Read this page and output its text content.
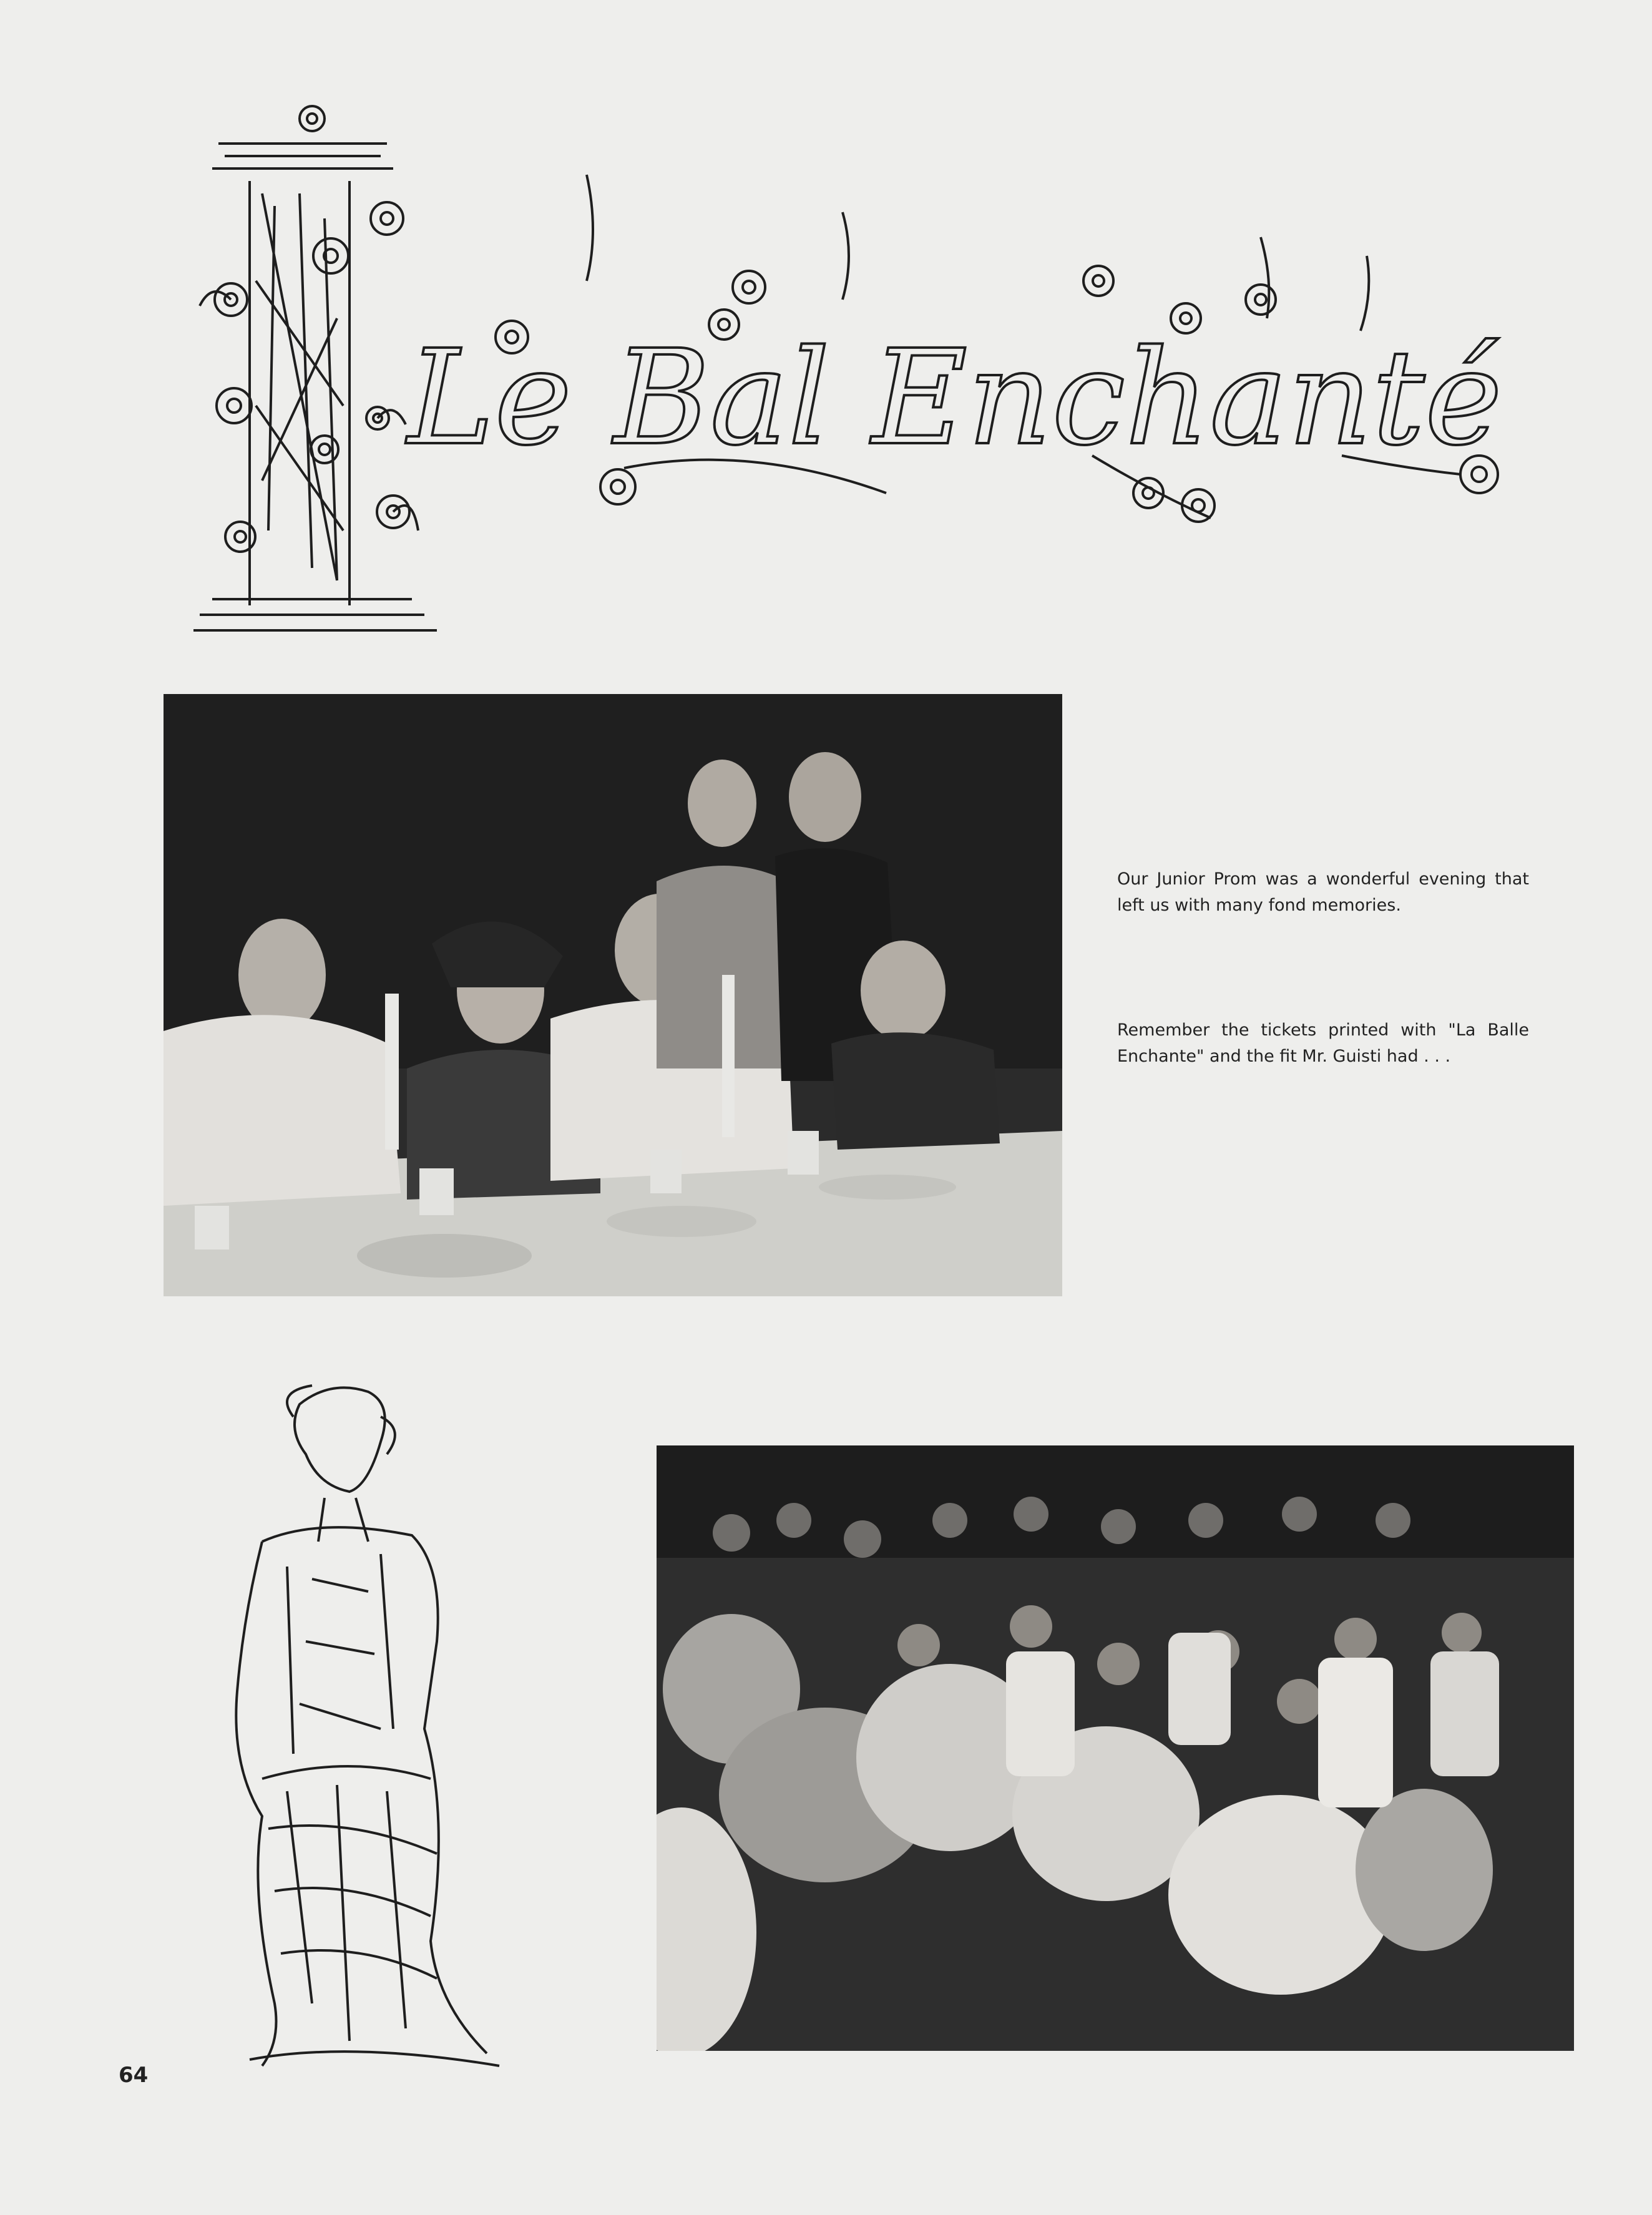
Le Bal Enchanté
Our Junior Prom was a wonderful evening that left us with many fond memories.
Remember the tickets printed with "La Balle Enchante" and the fit Mr. Guisti had . . .
64
